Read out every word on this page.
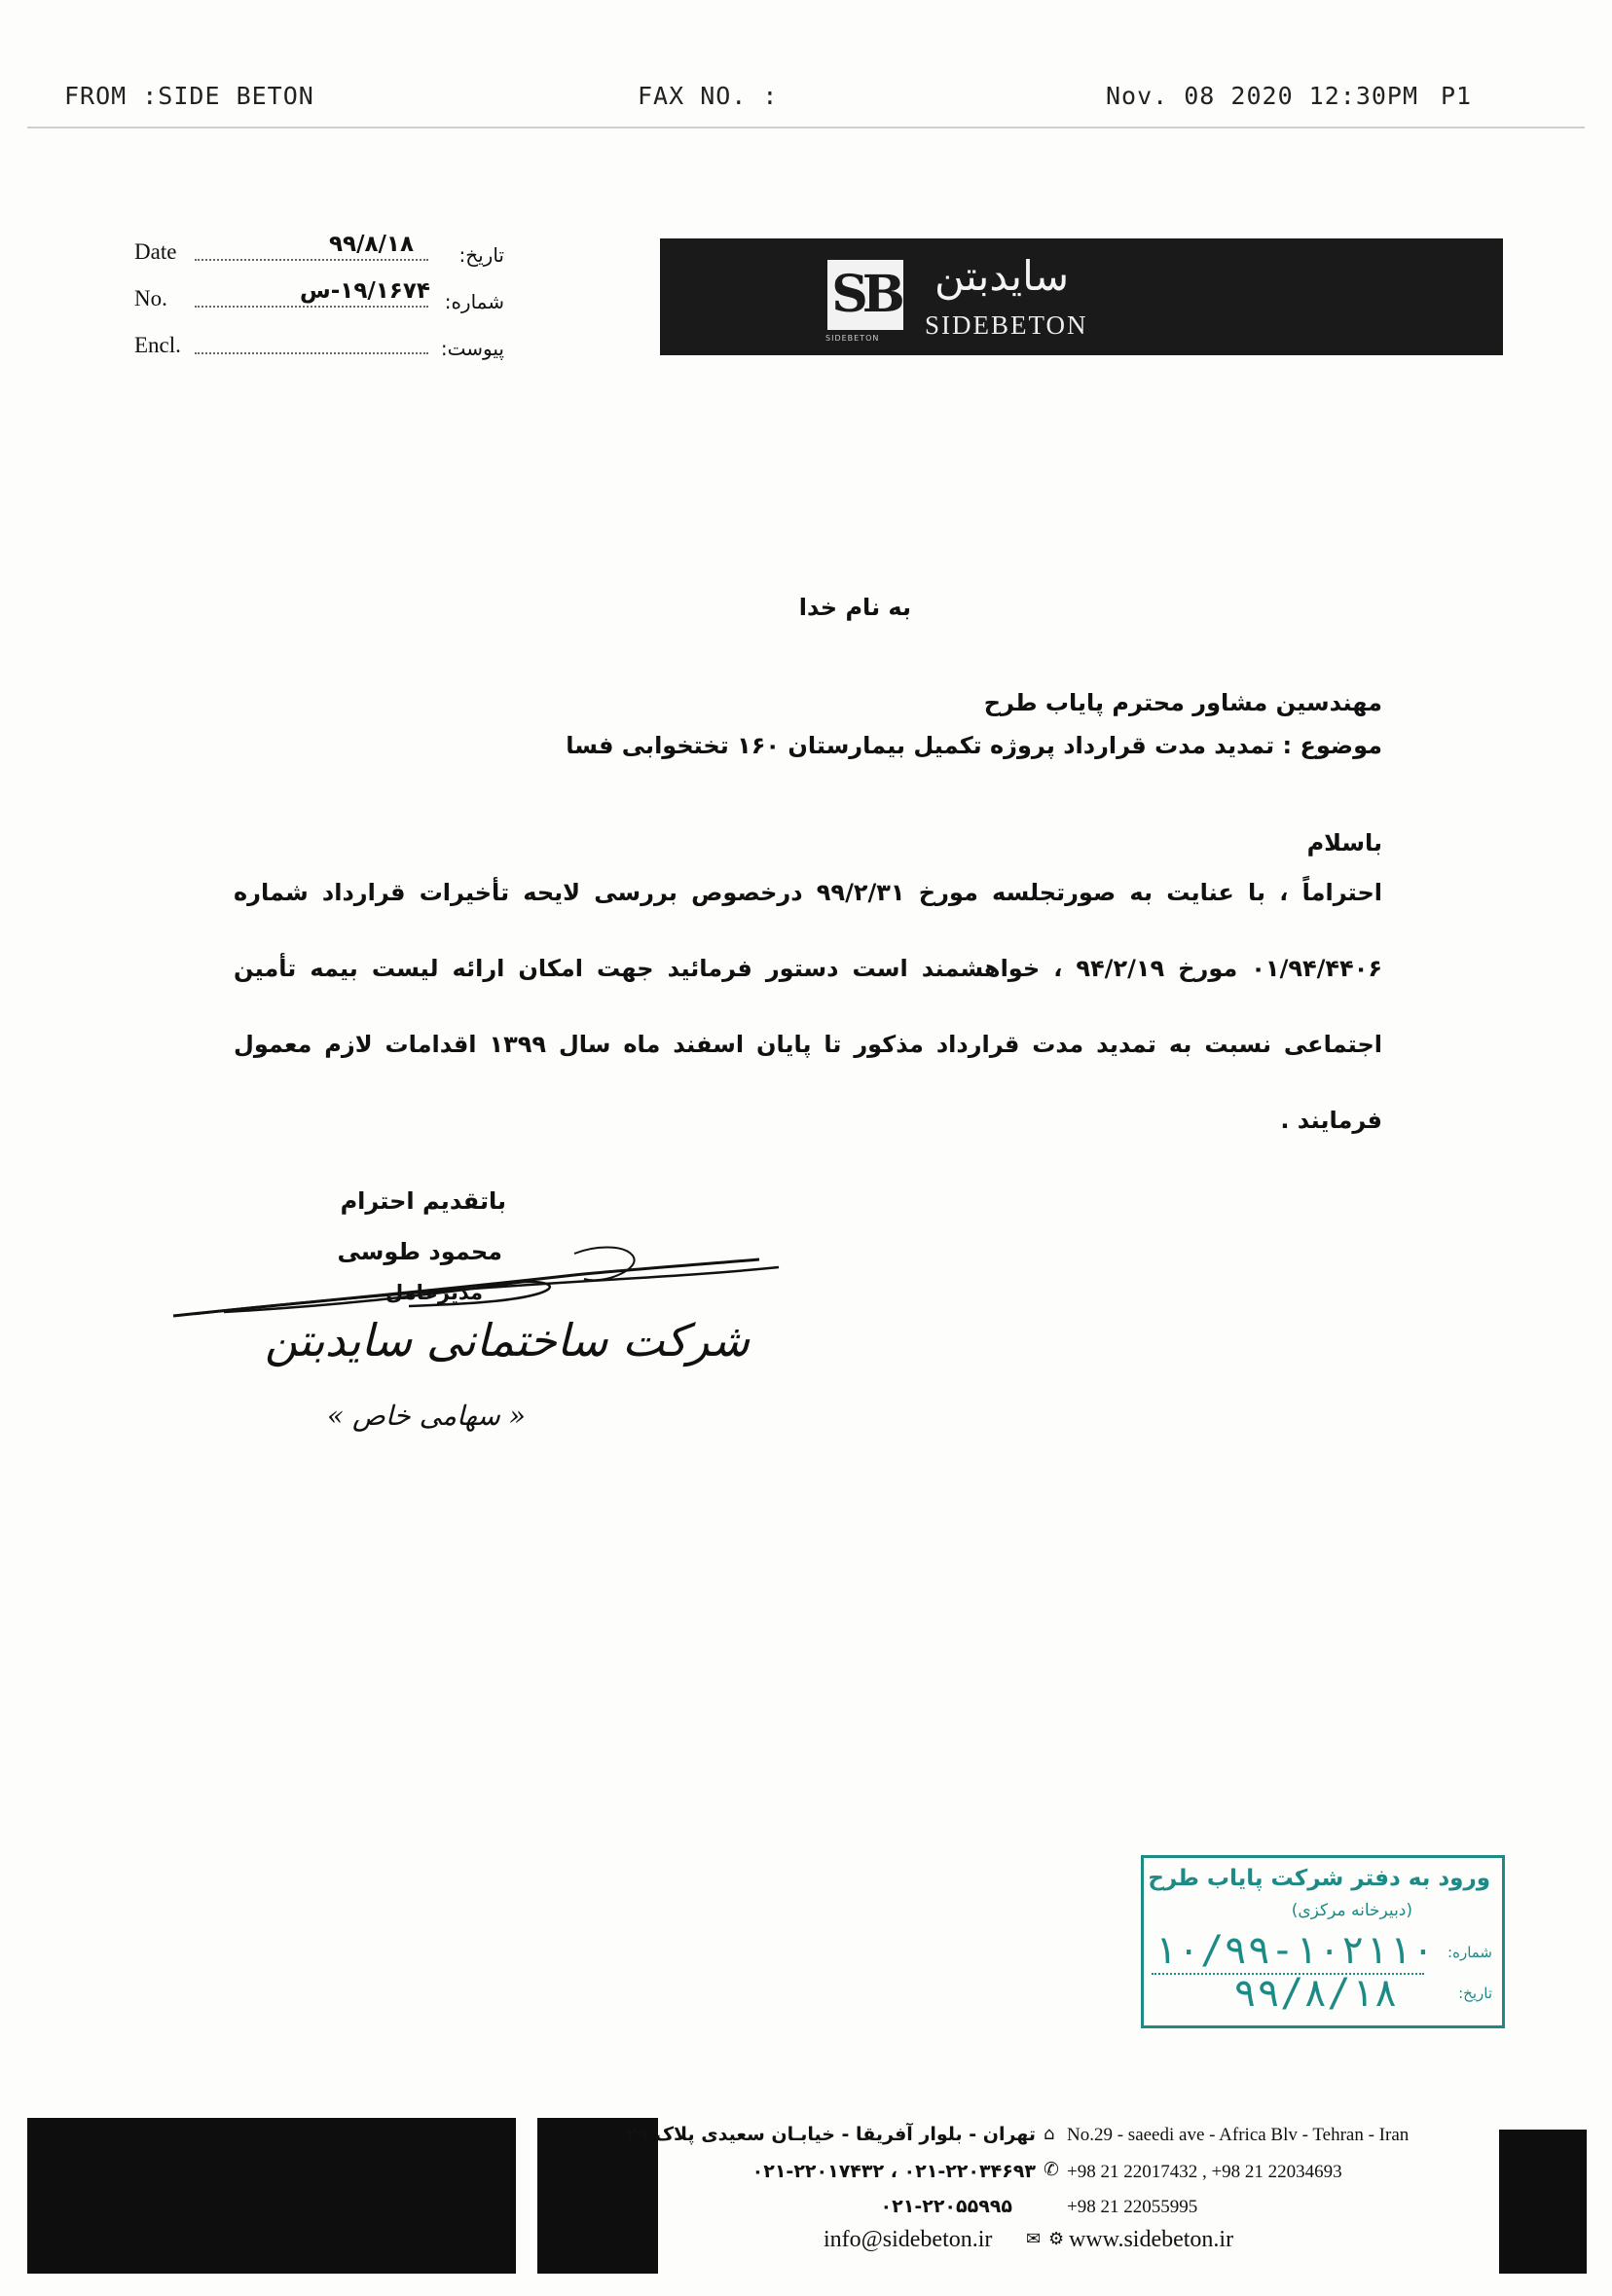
FROM :SIDE BETON	FAX NO. :	Nov. 08 2020 12:30PM P1
Date	۹۹/۸/۱۸ تاریخ:
No.	۱۹/۱۶۷۴-س شماره:
Encl.	پیوست:
SB
SIDEBETON
سایدبتن
SIDEBETON
به نام خدا
مهندسین مشاور محترم پایاب طرح
موضوع : تمدید مدت قرارداد پروژه تکمیل بیمارستان ۱۶۰ تختخوابی فسا
باسلام
احتراماً ، با عنایت به صورتجلسه مورخ ۹۹/۲/۳۱ درخصوص بررسی لایحه تأخیرات قرارداد شماره ۰۱/۹۴/۴۴۰۶ مورخ ۹۴/۲/۱۹ ، خواهشمند است دستور فرمائید جهت امکان ارائه لیست بیمه تأمین اجتماعی نسبت به تمدید مدت قرارداد مذکور تا پایان اسفند ماه سال ۱۳۹۹ اقدامات لازم معمول فرمایند .
باتقدیم احترام
محمود طوسی
مدیرعامل
شرکت ساختمانی سایدبتن
« سهامی خاص »
ورود به دفتر شرکت پایاب طرح
(دبیرخانه مرکزی)
شماره:
۱۰/۹۹-۱۰۲۱۱۰
تاریخ:
۹۹/۸/۱۸
تهران - بلوار آفریقا - خیابـان سعیدی پلاک ۲۹ ⌂ No.29 - saeedi ave - Africa Blv - Tehran - Iran
۰۲۱-۲۲۰۱۷۴۳۲ ، ۰۲۱-۲۲۰۳۴۶۹۳ ✆ +98 21 22017432 , +98 21 22034693
۰۲۱-۲۲۰۵۵۹۹۵	+98 21 22055995
info@sidebeton.ir ✉ ⚙ www.sidebeton.ir
